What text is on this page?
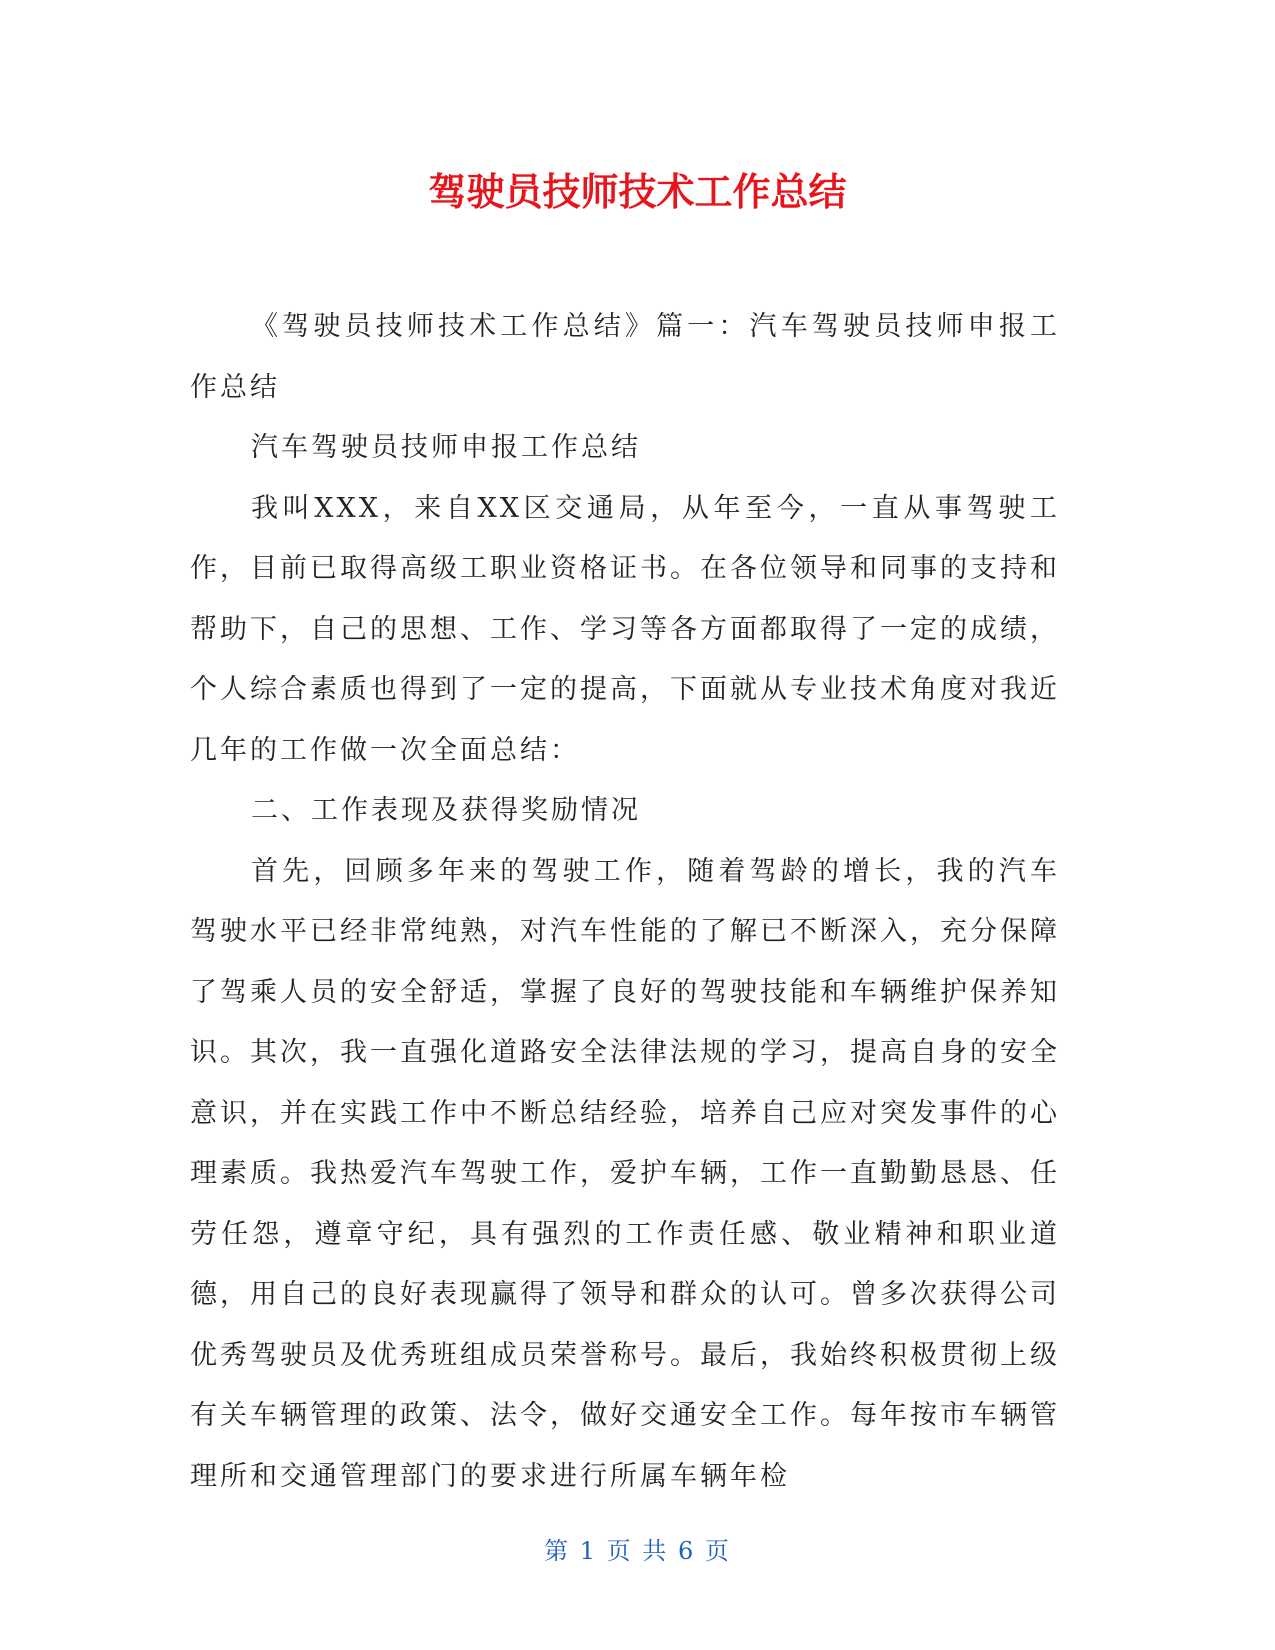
驾驶员技师技术工作总结

《驾驶员技师技术工作总结》篇一：汽车驾驶员技师申报工作总结

汽车驾驶员技师申报工作总结

我叫XXX，来自XX区交通局，从年至今，一直从事驾驶工作，目前已取得高级工职业资格证书。在各位领导和同事的支持和帮助下，自己的思想、工作、学习等各方面都取得了一定的成绩，个人综合素质也得到了一定的提高，下面就从专业技术角度对我近几年的工作做一次全面总结：

二、工作表现及获得奖励情况

首先，回顾多年来的驾驶工作，随着驾龄的增长，我的汽车驾驶水平已经非常纯熟，对汽车性能的了解已不断深入，充分保障了驾乘人员的安全舒适，掌握了良好的驾驶技能和车辆维护保养知识。其次，我一直强化道路安全法律法规的学习，提高自身的安全意识，并在实践工作中不断总结经验，培养自己应对突发事件的心理素质。我热爱汽车驾驶工作，爱护车辆，工作一直勤勤恳恳、任劳任怨，遵章守纪，具有强烈的工作责任感、敬业精神和职业道德，用自己的良好表现赢得了领导和群众的认可。曾多次获得公司优秀驾驶员及优秀班组成员荣誉称号。最后，我始终积极贯彻上级有关车辆管理的政策、法令，做好交通安全工作。每年按市车辆管理所和交通管理部门的要求进行所属车辆年检

第 1 页 共 6 页
